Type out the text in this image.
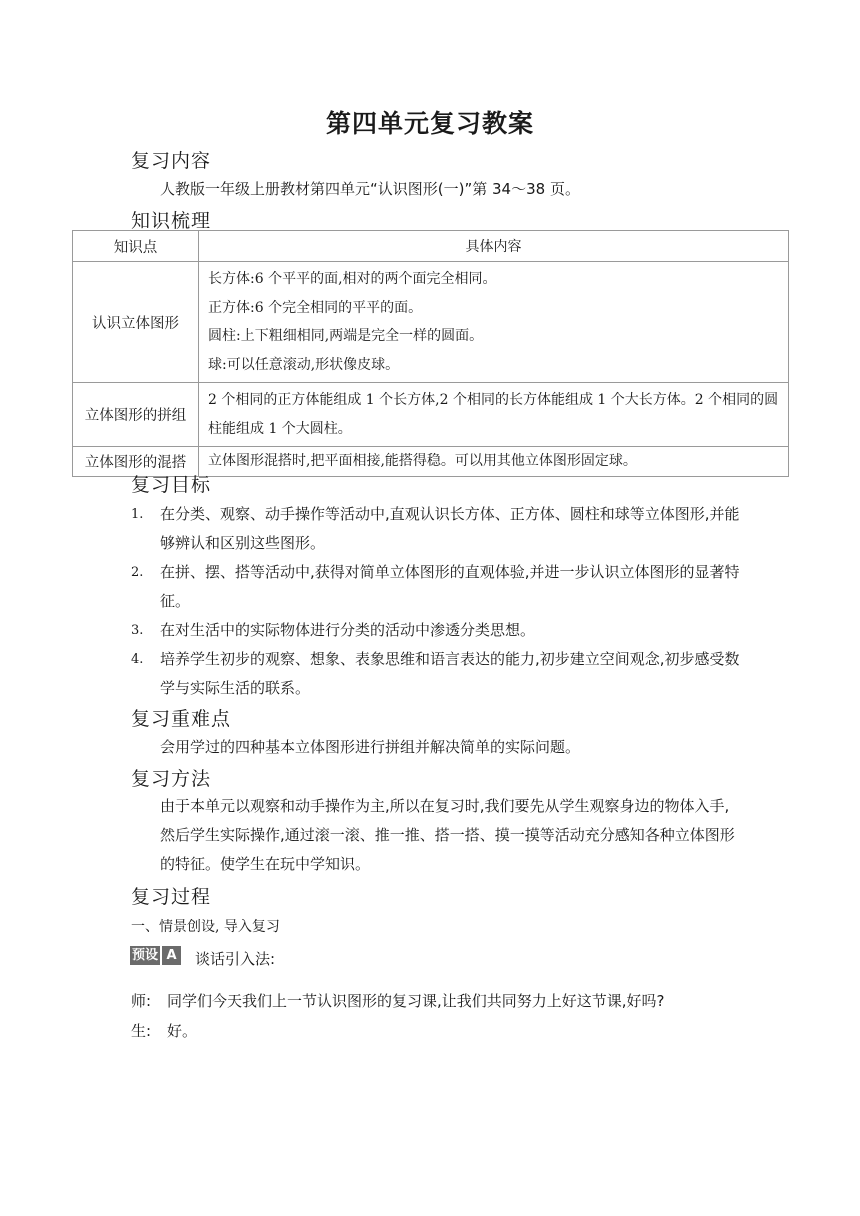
第四单元复习教案
复习内容
人教版一年级上册教材第四单元“认识图形(一)”第 34～38 页。
知识梳理
知识点	具体内容
认识立体图形	长方体:6 个平平的面,相对的两个面完全相同。
正方体:6 个完全相同的平平的面。
圆柱:上下粗细相同,两端是完全一样的圆面。
球:可以任意滚动,形状像皮球。

立体图形的拼组	2 个相同的正方体能组成 1 个长方体,2 个相同的长方体能组成 1 个大长方体。2 个相同的圆柱能组成 1 个大圆柱。

立体图形的混搭	立体图形混搭时,把平面相接,能搭得稳。可以用其他立体图形固定球。
复习目标
1. 在分类、观察、动手操作等活动中,直观认识长方体、正方体、圆柱和球等立体图形,并能够辨认和区别这些图形。
2. 在拼、摆、搭等活动中,获得对简单立体图形的直观体验,并进一步认识立体图形的显著特征。
3. 在对生活中的实际物体进行分类的活动中渗透分类思想。
4. 培养学生初步的观察、想象、表象思维和语言表达的能力,初步建立空间观念,初步感受数学与实际生活的联系。
复习重难点
会用学过的四种基本立体图形进行拼组并解决简单的实际问题。
复习方法
由于本单元以观察和动手操作为主,所以在复习时,我们要先从学生观察身边的物体入手,然后学生实际操作,通过滚一滚、推一推、搭一搭、摸一摸等活动充分感知各种立体图形的特征。使学生在玩中学知识。
复习过程
一、情景创设, 导入复习
预设 A 谈话引入法:
师: 同学们今天我们上一节认识图形的复习课,让我们共同努力上好这节课,好吗?
生: 好。
